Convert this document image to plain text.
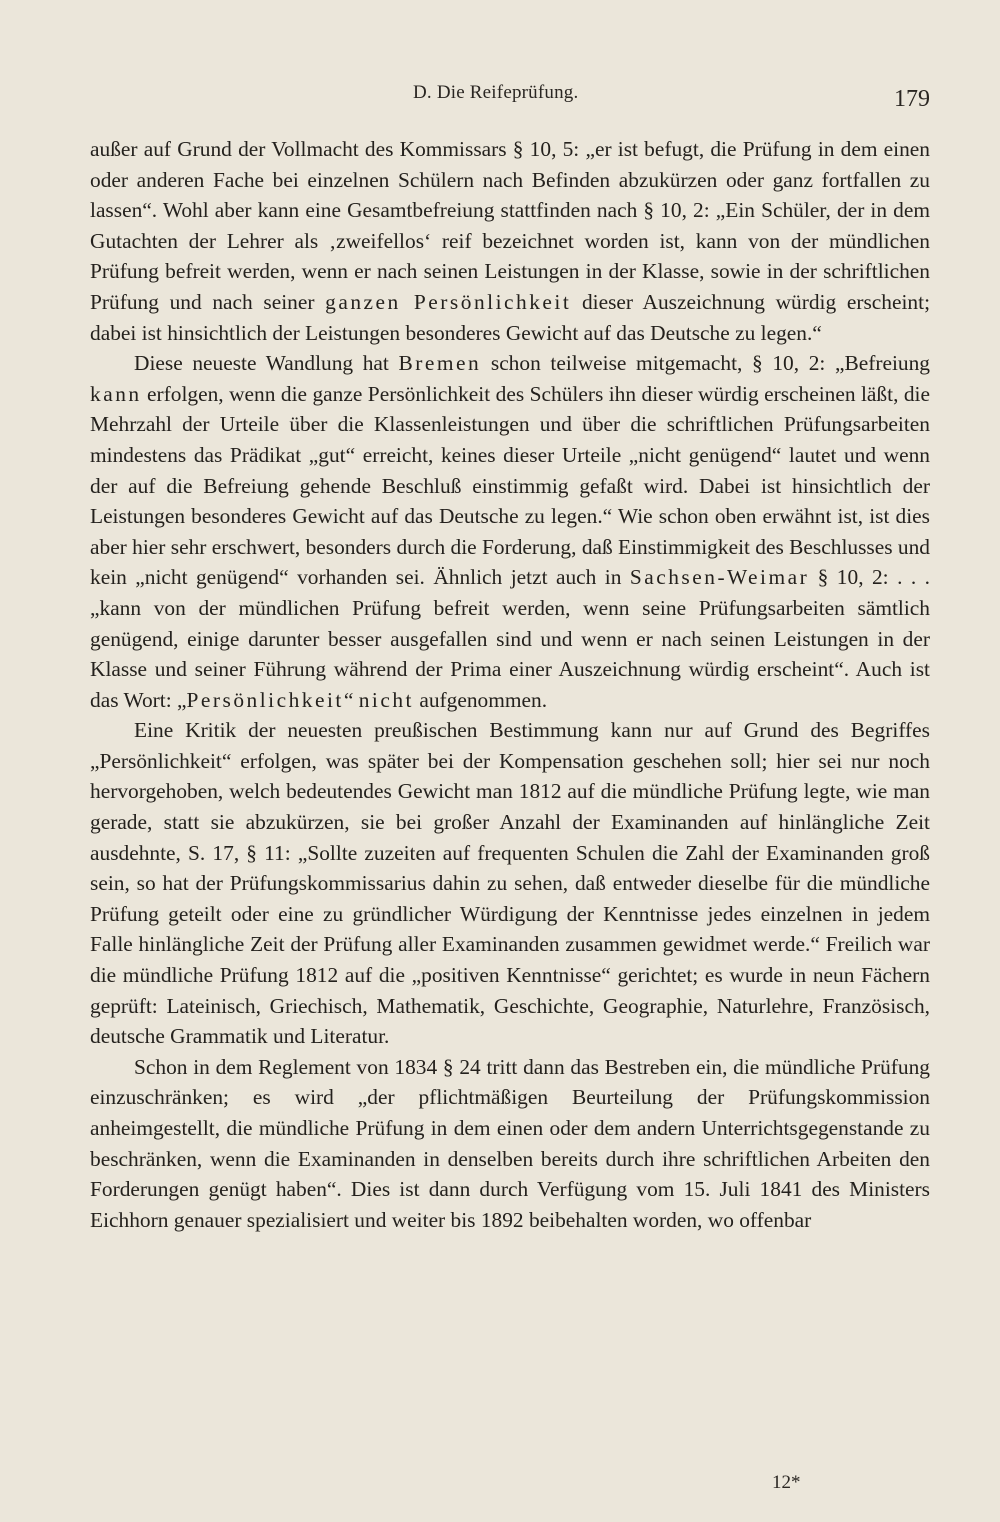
D. Die Reifeprüfung.	179

außer auf Grund der Vollmacht des Kommissars § 10, 5: „er ist befugt, die Prüfung in dem einen oder anderen Fache bei einzelnen Schülern nach Befinden abzukürzen oder ganz fortfallen zu lassen“. Wohl aber kann eine Gesamtbefreiung stattfinden nach § 10, 2: „Ein Schüler, der in dem Gutachten der Lehrer als ‚zweifellos‘ reif bezeichnet worden ist, kann von der mündlichen Prüfung befreit werden, wenn er nach seinen Leistungen in der Klasse, sowie in der schriftlichen Prüfung und nach seiner ganzen Persönlichkeit dieser Auszeichnung würdig erscheint; dabei ist hinsichtlich der Leistungen besonderes Gewicht auf das Deutsche zu legen.“

Diese neueste Wandlung hat Bremen schon teilweise mitgemacht, § 10, 2: „Befreiung kann erfolgen, wenn die ganze Persönlichkeit des Schülers ihn dieser würdig erscheinen läßt, die Mehrzahl der Urteile über die Klassenleistungen und über die schriftlichen Prüfungsarbeiten mindestens das Prädikat „gut“ erreicht, keines dieser Urteile „nicht genügend“ lautet und wenn der auf die Befreiung gehende Beschluß einstimmig gefaßt wird. Dabei ist hinsichtlich der Leistungen besonderes Gewicht auf das Deutsche zu legen.“ Wie schon oben erwähnt ist, ist dies aber hier sehr erschwert, besonders durch die Forderung, daß Einstimmigkeit des Beschlusses und kein „nicht genügend“ vorhanden sei. Ähnlich jetzt auch in Sachsen-Weimar § 10, 2: . . . „kann von der mündlichen Prüfung befreit werden, wenn seine Prüfungsarbeiten sämtlich genügend, einige darunter besser ausgefallen sind und wenn er nach seinen Leistungen in der Klasse und seiner Führung während der Prima einer Auszeichnung würdig erscheint“. Auch ist das Wort: „Persönlichkeit“ nicht aufgenommen.

Eine Kritik der neuesten preußischen Bestimmung kann nur auf Grund des Begriffes „Persönlichkeit“ erfolgen, was später bei der Kompensation geschehen soll; hier sei nur noch hervorgehoben, welch bedeutendes Gewicht man 1812 auf die mündliche Prüfung legte, wie man gerade, statt sie abzukürzen, sie bei großer Anzahl der Examinanden auf hinlängliche Zeit ausdehnte, S. 17, § 11: „Sollte zuzeiten auf frequenten Schulen die Zahl der Examinanden groß sein, so hat der Prüfungskommissarius dahin zu sehen, daß entweder dieselbe für die mündliche Prüfung geteilt oder eine zu gründlicher Würdigung der Kenntnisse jedes einzelnen in jedem Falle hinlängliche Zeit der Prüfung aller Examinanden zusammen gewidmet werde.“ Freilich war die mündliche Prüfung 1812 auf die „positiven Kenntnisse“ gerichtet; es wurde in neun Fächern geprüft: Lateinisch, Griechisch, Mathematik, Geschichte, Geographie, Naturlehre, Französisch, deutsche Grammatik und Literatur.

Schon in dem Reglement von 1834 § 24 tritt dann das Bestreben ein, die mündliche Prüfung einzuschränken; es wird „der pflichtmäßigen Beurteilung der Prüfungskommission anheimgestellt, die mündliche Prüfung in dem einen oder dem andern Unterrichtsgegenstande zu beschränken, wenn die Examinanden in denselben bereits durch ihre schriftlichen Arbeiten den Forderungen genügt haben“. Dies ist dann durch Verfügung vom 15. Juli 1841 des Ministers Eichhorn genauer spezialisiert und weiter bis 1892 beibehalten worden, wo offenbar

12*
